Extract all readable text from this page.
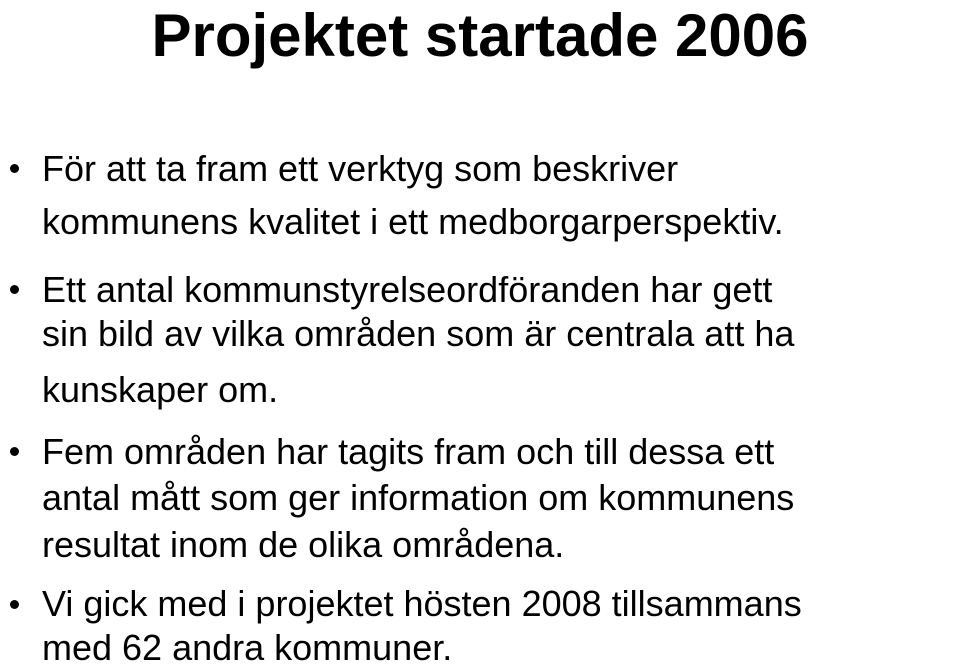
Projektet startade 2006
För att ta fram ett verktyg som beskriver
kommunens kvalitet i ett medborgarperspektiv.
Ett antal kommunstyrelseordföranden har gett
sin bild av vilka områden som är centrala att ha
kunskaper om.
Fem områden har tagits fram och till dessa ett
antal mått som ger information om kommunens
resultat inom de olika områdena.
Vi gick med i projektet hösten 2008 tillsammans
med 62 andra kommuner.
